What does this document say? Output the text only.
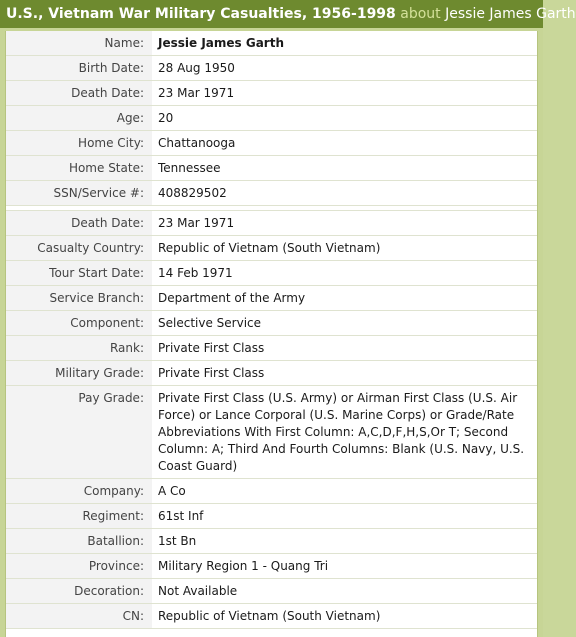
U.S., Vietnam War Military Casualties, 1956-1998 about Jessie James Garth
Name:	Jessie James Garth
Birth Date:	28 Aug 1950
Death Date:	23 Mar 1971
Age:	20
Home City:	Chattanooga
Home State:	Tennessee
SSN/Service #:	408829502

Death Date:	23 Mar 1971
Casualty Country:	Republic of Vietnam (South Vietnam)
Tour Start Date:	14 Feb 1971
Service Branch:	Department of the Army
Component:	Selective Service
Rank:	Private First Class
Military Grade:	Private First Class
Pay Grade:	Private First Class (U.S. Army) or Airman First Class (U.S. Air Force) or Lance Corporal (U.S. Marine Corps) or Grade/Rate Abbreviations With First Column: A,C,D,F,H,S,Or T; Second Column: A; Third And Fourth Columns: Blank (U.S. Navy, U.S. Coast Guard)
Company:	A Co
Regiment:	61st Inf
Batallion:	1st Bn
Province:	Military Region 1 - Quang Tri
Decoration:	Not Available
CN:	Republic of Vietnam (South Vietnam)
